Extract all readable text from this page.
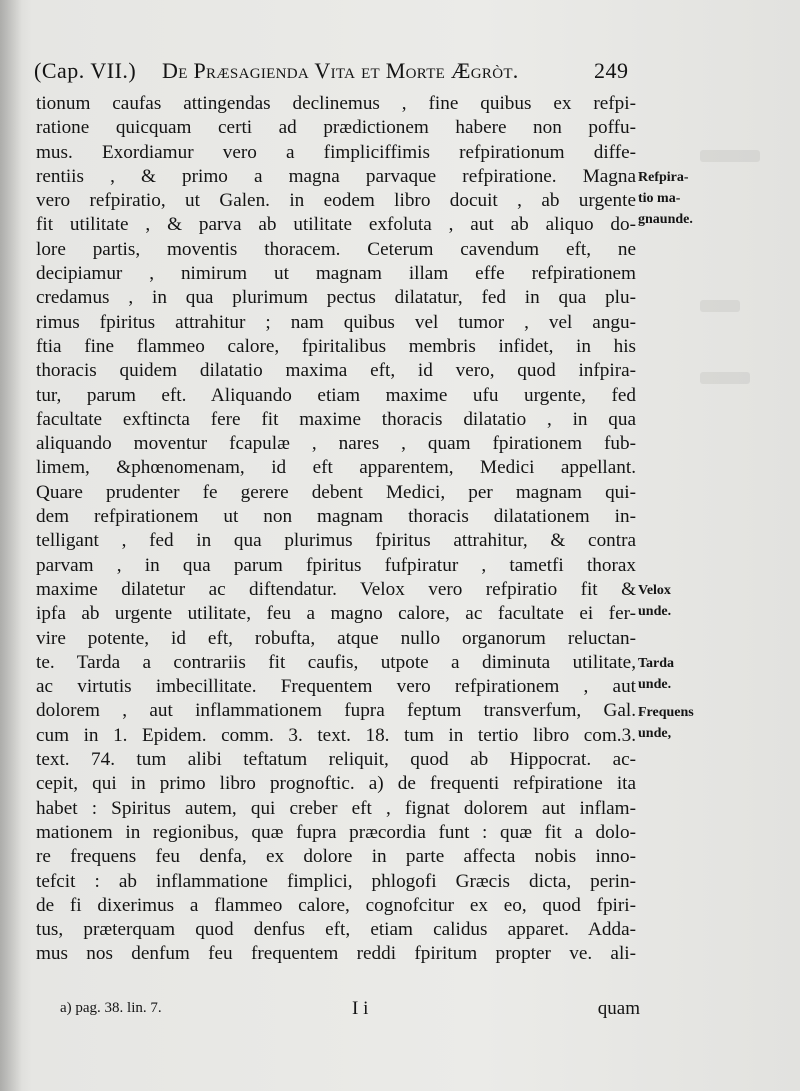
(Cap. VII.) De Præsagienda Vita et Morte Ægròt.	249
tionum caufas attingendas declinemus , fine quibus ex refpi-
ratione quicquam certi ad prædictionem habere non poffu-
mus. Exordiamur vero a fimpliciffimis refpirationum diffe-
rentiis , & primo a magna parvaque refpiratione. Magna
vero refpiratio, ut Galen. in eodem libro docuit , ab urgente
fit utilitate , & parva ab utilitate exfoluta , aut ab aliquo do-
lore partis, moventis thoracem. Ceterum cavendum eft, ne
decipiamur , nimirum ut magnam illam effe refpirationem
credamus , in qua plurimum pectus dilatatur, fed in qua plu-
rimus fpiritus attrahitur ; nam quibus vel tumor , vel angu-
ftia fine flammeo calore, fpiritalibus membris infidet, in his
thoracis quidem dilatatio maxima eft, id vero, quod infpira-
tur, parum eft. Aliquando etiam maxime ufu urgente, fed
facultate exftincta fere fit maxime thoracis dilatatio , in qua
aliquando moventur fcapulæ , nares , quam fpirationem fub-
limem, &phœnomenam, id eft apparentem, Medici appellant.
Quare prudenter fe gerere debent Medici, per magnam qui-
dem refpirationem ut non magnam thoracis dilatationem in-
telligant , fed in qua plurimus fpiritus attrahitur, & contra
parvam , in qua parum fpiritus fufpiratur , tametfi thorax
maxime dilatetur ac diftendatur. Velox vero refpiratio fit &
ipfa ab urgente utilitate, feu a magno calore, ac facultate ei fer-
vire potente, id eft, robufta, atque nullo organorum reluctan-
te. Tarda a contrariis fit caufis, utpote a diminuta utilitate,
ac virtutis imbecillitate. Frequentem vero refpirationem , aut
dolorem , aut inflammationem fupra feptum transverfum, Gal.
cum in 1. Epidem. comm. 3. text. 18. tum in tertio libro com.3.
text. 74. tum alibi teftatum reliquit, quod ab Hippocrat. ac-
cepit, qui in primo libro prognoftic. a) de frequenti refpiratione ita
habet : Spiritus autem, qui creber eft , fignat dolorem aut inflam-
mationem in regionibus, quæ fupra præcordia funt : quæ fit a dolo-
re frequens feu denfa, ex dolore in parte affecta nobis inno-
tefcit : ab inflammatione fimplici, phlogofi Græcis dicta, perin-
de fi dixerimus a flammeo calore, cognofcitur ex eo, quod fpiri-
tus, præterquam quod denfus eft, etiam calidus apparet. Adda-
mus nos denfum feu frequentem reddi fpiritum propter ve. ali-
Refpira-
tio ma-
gnaunde.
Velox
unde.
Tarda
unde.
Frequens
unde,
a) pag. 38. lin. 7.	I i	quam
